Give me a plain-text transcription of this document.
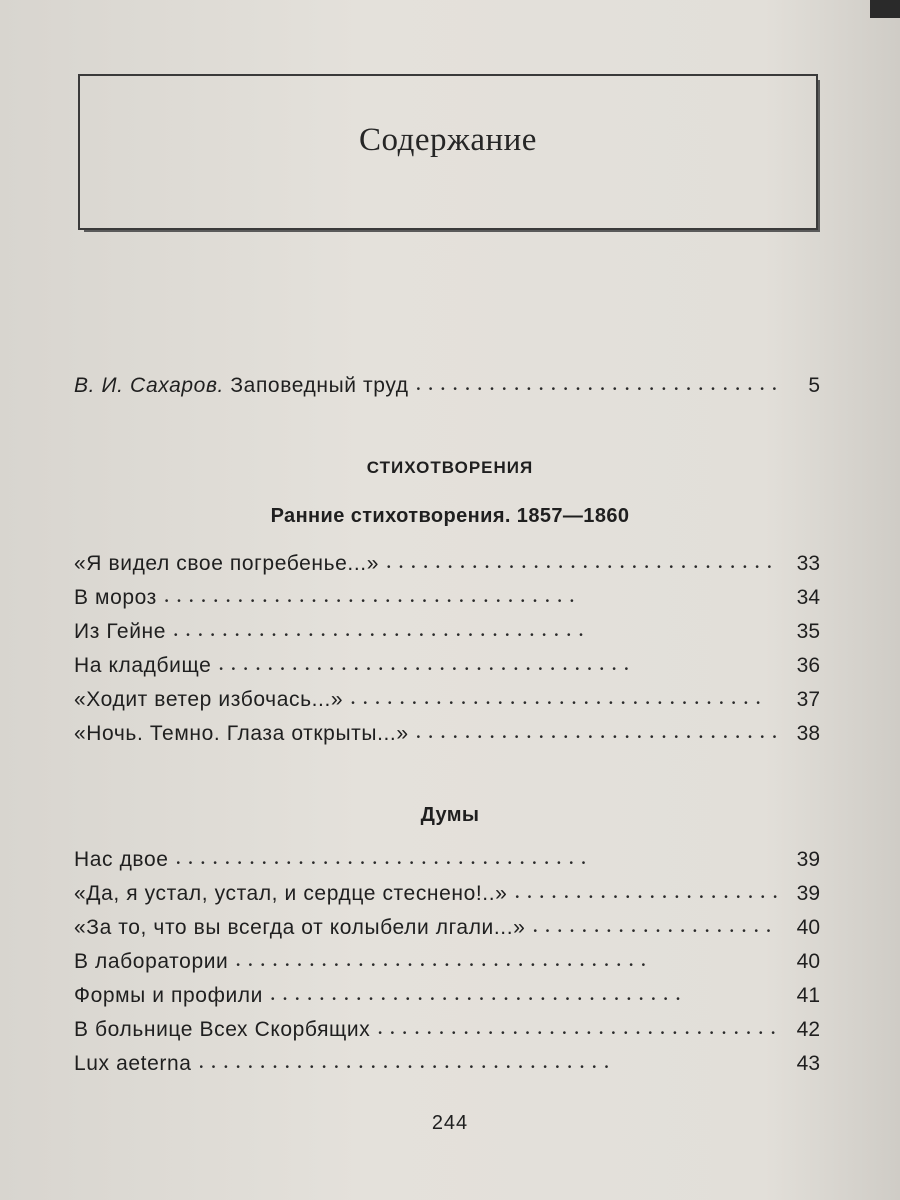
Содержание
В. И. Сахаров. Заповедный труд • •	5
СТИХОТВОРЕНИЯ
Ранние стихотворения. 1857—1860
«Я видел свое погребенье...» • •	33
В мороз • •	34
Из Гейне • •	35
На кладбище • •	36
«Ходит ветер избочась...» • •	37
«Ночь. Темно. Глаза открыты...» • •	38
Думы
Нас двое • •	39
«Да, я устал, устал, и сердце стеснено!..» • •	39
«За то, что вы всегда от колыбели лгали...» • •	40
В лаборатории • •	40
Формы и профили • •	41
В больнице Всех Скорбящих • •	42
Lux aeterna • •	43
244
